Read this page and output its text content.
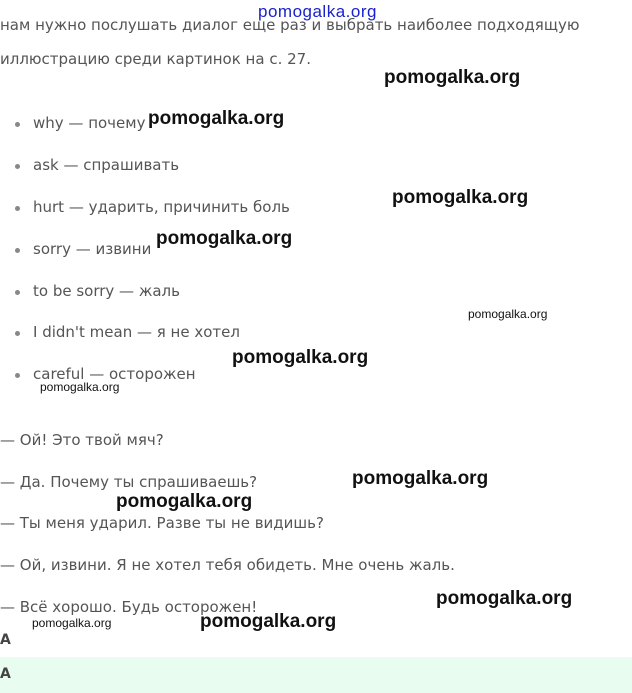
нам нужно послушать диалог еще раз и выбрать наиболее подходящую
иллюстрацию среди картинок на с. 27.
why — почему
ask — спрашивать
hurt — ударить, причинить боль
sorry — извини
to be sorry — жаль
I didn't mean — я не хотел
careful — осторожен
— Ой! Это твой мяч?
— Да. Почему ты спрашиваешь?
— Ты меня ударил. Разве ты не видишь?
— Ой, извини. Я не хотел тебя обидеть. Мне очень жаль.
— Всё хорошо. Будь осторожен!
A
A
pomogalka.org
pomogalka.org
pomogalka.org
pomogalka.org
pomogalka.org
pomogalka.org
pomogalka.org
pomogalka.org
pomogalka.org
pomogalka.org
pomogalka.org
pomogalka.org	pomogalka.org
